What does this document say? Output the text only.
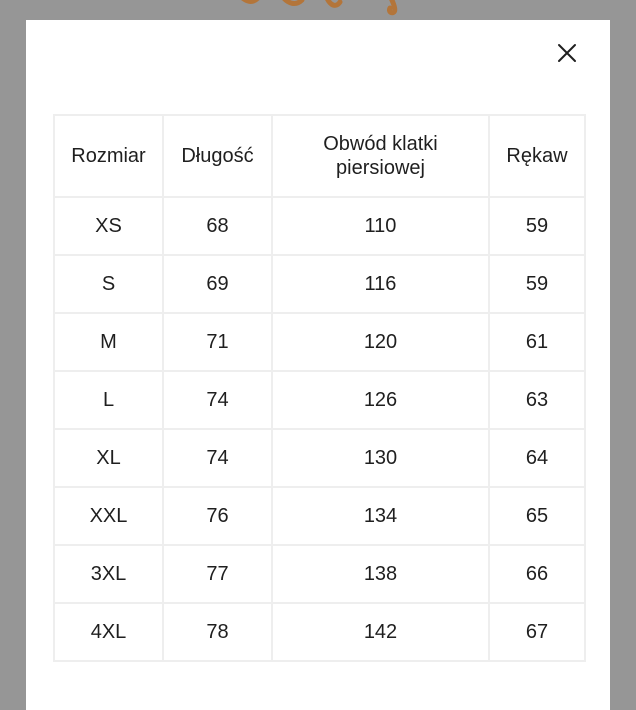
Rozmiar	Długość	Obwód klatki piersiowej	Rękaw
XS	68	110	59
S	69	116	59
M	71	120	61
L	74	126	63
XL	74	130	64
XXL	76	134	65
3XL	77	138	66
4XL	78	142	67
